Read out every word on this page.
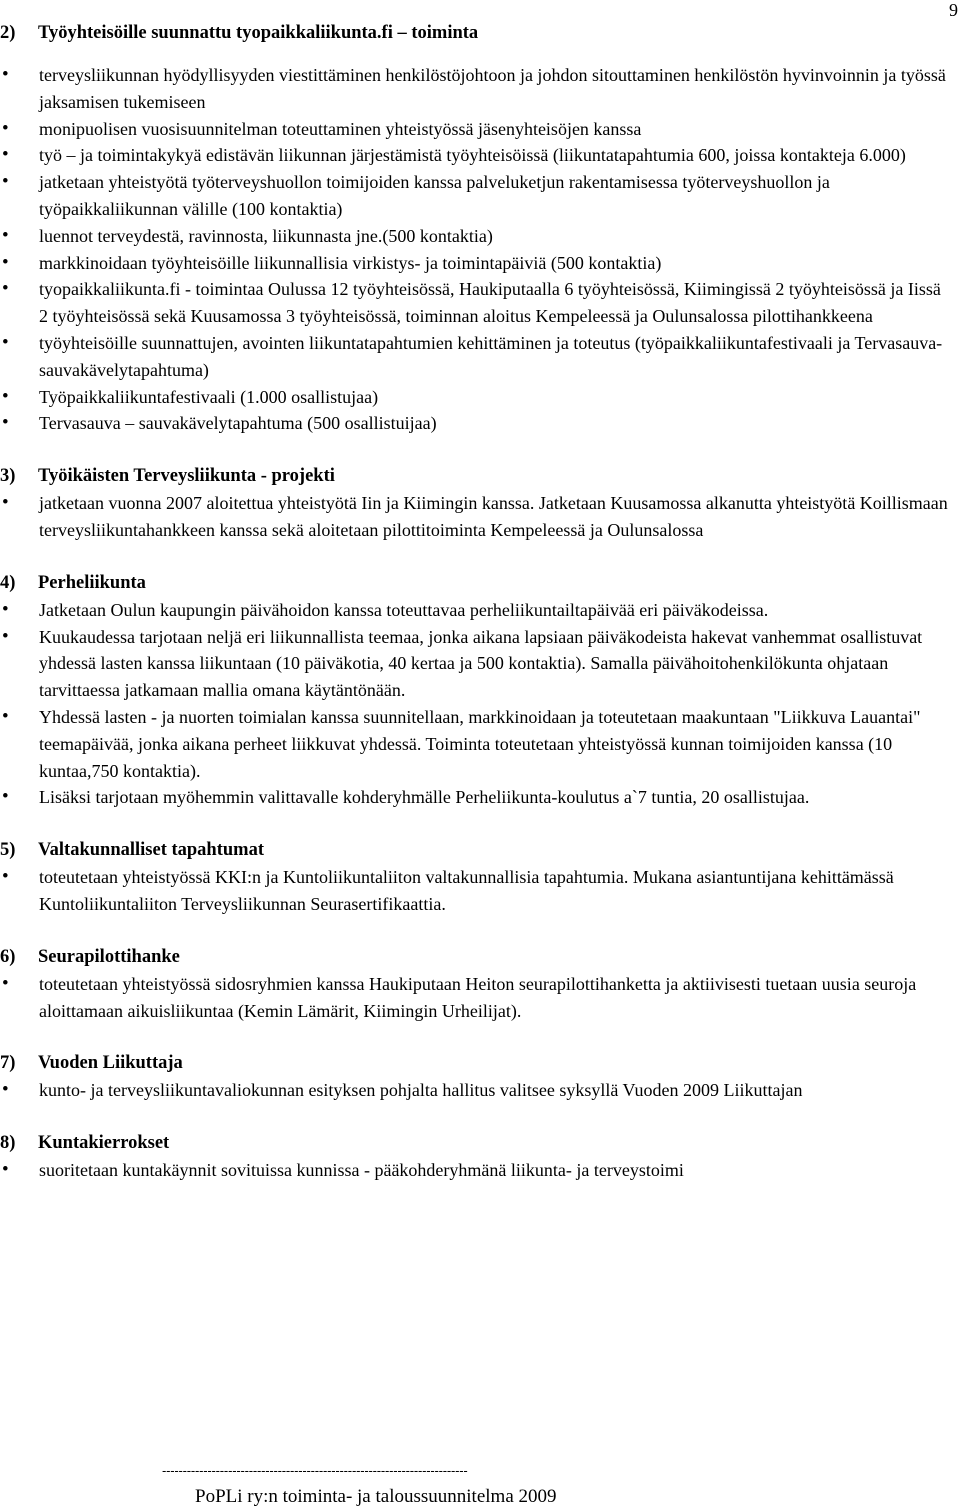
9
2) Työyhteisöille suunnattu tyopaikkaliikunta.fi – toiminta
• terveysliikunnan hyödyllisyyden viestittäminen henkilöstöjohtoon ja johdon sitouttaminen henkilöstön hyvinvoinnin ja työssä jaksamisen tukemiseen
• monipuolisen vuosisuunnitelman toteuttaminen yhteistyössä jäsenyhteisöjen kanssa
• työ – ja toimintakykyä edistävän liikunnan järjestämistä työyhteisöissä (liikuntatapahtumia 600, joissa kontakteja 6.000)
• jatketaan yhteistyötä työterveyshuollon toimijoiden kanssa palveluketjun rakentamisessa työterveyshuollon ja työpaikkaliikunnan välille (100 kontaktia)
• luennot terveydestä, ravinnosta, liikunnasta jne.(500 kontaktia)
• markkinoidaan työyhteisöille liikunnallisia virkistys- ja toimintapäiviä (500 kontaktia)
• tyopaikkaliikunta.fi - toimintaa Oulussa 12 työyhteisössä, Haukiputaalla 6 työyhteisössä, Kiimingissä 2 työyhteisössä ja Iissä 2 työyhteisössä sekä Kuusamossa 3 työyhteisössä, toiminnan aloitus Kempeleessä ja Oulunsalossa pilottihankkeena
• työyhteisöille suunnattujen, avointen liikuntatapahtumien kehittäminen ja toteutus (työpaikkaliikuntafestivaali ja Tervasauva- sauvakävelytapahtuma)
• Työpaikkaliikuntafestivaali (1.000 osallistujaa)
• Tervasauva – sauvakävelytapahtuma (500 osallistuijaa)
3) Työikäisten Terveysliikunta - projekti
• jatketaan vuonna 2007 aloitettua yhteistyötä Iin ja Kiimingin kanssa. Jatketaan Kuusamossa alkanutta yhteistyötä Koillismaan terveysliikuntahankkeen kanssa sekä aloitetaan pilottitoiminta Kempeleessä ja Oulunsalossa
4) Perheliikunta
• Jatketaan Oulun kaupungin päivähoidon kanssa toteuttavaa perheliikuntailtapäivää eri päiväkodeissa.
• Kuukaudessa tarjotaan neljä eri liikunnallista teemaa, jonka aikana lapsiaan päiväkodeista hakevat vanhemmat osallistuvat yhdessä lasten kanssa liikuntaan (10 päiväkotia, 40 kertaa ja 500 kontaktia). Samalla päivähoitohenkilökunta ohjataan tarvittaessa jatkamaan mallia omana käytäntönään.
• Yhdessä lasten - ja nuorten toimialan kanssa suunnitellaan, markkinoidaan ja toteutetaan maakuntaan "Liikkuva Lauantai" teemapäivää, jonka aikana perheet liikkuvat yhdessä. Toiminta toteutetaan yhteistyössä kunnan toimijoiden kanssa (10 kuntaa,750 kontaktia).
• Lisäksi tarjotaan myöhemmin valittavalle kohderyhmälle Perheliikunta-koulutus a`7 tuntia, 20 osallistujaa.
5) Valtakunnalliset tapahtumat
• toteutetaan yhteistyössä KKI:n ja Kuntoliikuntaliiton valtakunnallisia tapahtumia. Mukana asiantuntijana kehittämässä Kuntoliikuntaliiton Terveysliikunnan Seurasertifikaattia.
6) Seurapilottihanke
• toteutetaan yhteistyössä sidosryhmien kanssa Haukiputaan Heiton seurapilottihanketta ja aktiivisesti tuetaan uusia seuroja aloittamaan aikuisliikuntaa (Kemin Lämärit, Kiimingin Urheilijat).
7) Vuoden Liikuttaja
• kunto- ja terveysliikuntavaliokunnan esityksen pohjalta hallitus valitsee syksyllä Vuoden 2009 Liikuttajan
8) Kuntakierrokset
• suoritetaan kuntakäynnit sovituissa kunnissa - pääkohderyhmänä liikunta- ja terveystoimi
--------------------------------------------------------------------------
PoPLi ry:n toiminta- ja taloussuunnitelma 2009
